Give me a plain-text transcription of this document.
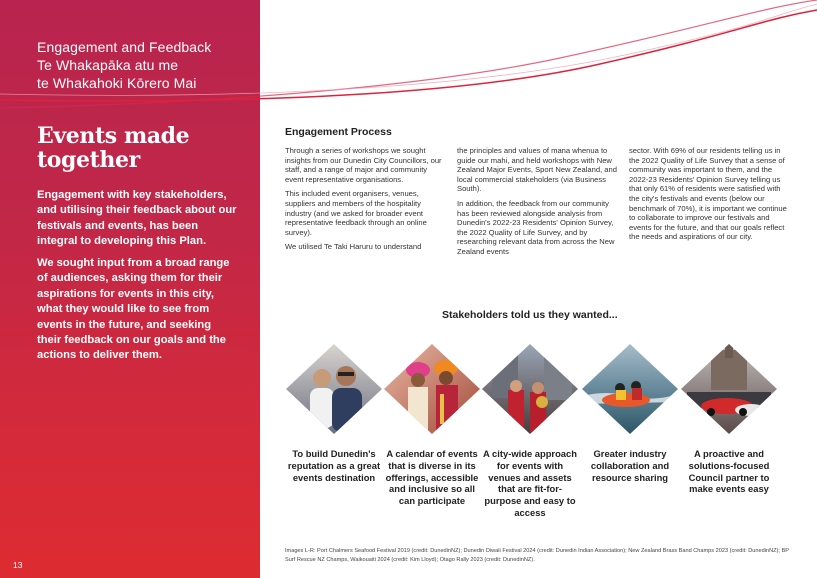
Engagement and Feedback
Te Whakapāka atu me
te Whakahoki Kōrero Mai
Events made
together
Engagement with key stakeholders, and utilising their feedback about our festivals and events, has been integral to developing this Plan.
We sought input from a broad range of audiences, asking them for their aspirations for events in this city, what they would like to see from events in the future, and seeking their feedback on our goals and the actions to deliver them.
13
Engagement Process

Through a series of workshops we sought insights from our Dunedin City Councillors, our staff, and a range of major and community event representative organisations.

This included event organisers, venues, suppliers and members of the hospitality industry (and we asked for broader event representative feedback through an online survey).

We utilised Te Taki Haruru to understand

the principles and values of mana whenua to guide our mahi, and held workshops with New Zealand Major Events, Sport New Zealand, and local commercial stakeholders (via Business South).

In addition, the feedback from our community has been reviewed alongside analysis from Dunedin's 2022-23 Residents' Opinion Survey, the 2022 Quality of Life Survey, and by researching relevant data from across the New Zealand events

sector. With 69% of our residents telling us in the 2022 Quality of Life Survey that a sense of community was important to them, and the 2022-23 Residents' Opinion Survey telling us that only 61% of residents were satisfied with the city's festivals and events (below our benchmark of 70%), it is important we continue to collaborate to improve our festivals and events for the future, and that our goals reflect the needs and aspirations of our city.

Stakeholders told us they wanted...
To build Dunedin's reputation as a great events destination
A calendar of events that is diverse in its offerings, accessible and inclusive so all can participate
A city-wide approach for events with venues and assets that are fit-for-purpose and easy to access
Greater industry collaboration and resource sharing
A proactive and solutions-focused Council partner to make events easy
Images L-R: Port Chalmers Seafood Festival 2019 (credit: DunedinNZ); Dunedin Diwali Festival 2024 (credit: Dunedin Indian Association); New Zealand Brass Band Champs 2023 (credit: DunedinNZ); BP Surf Rescue NZ Champs, Waikouaiti 2024 (credit: Kim Lloyd); Otago Rally 2023 (credit: DunedinNZ).
